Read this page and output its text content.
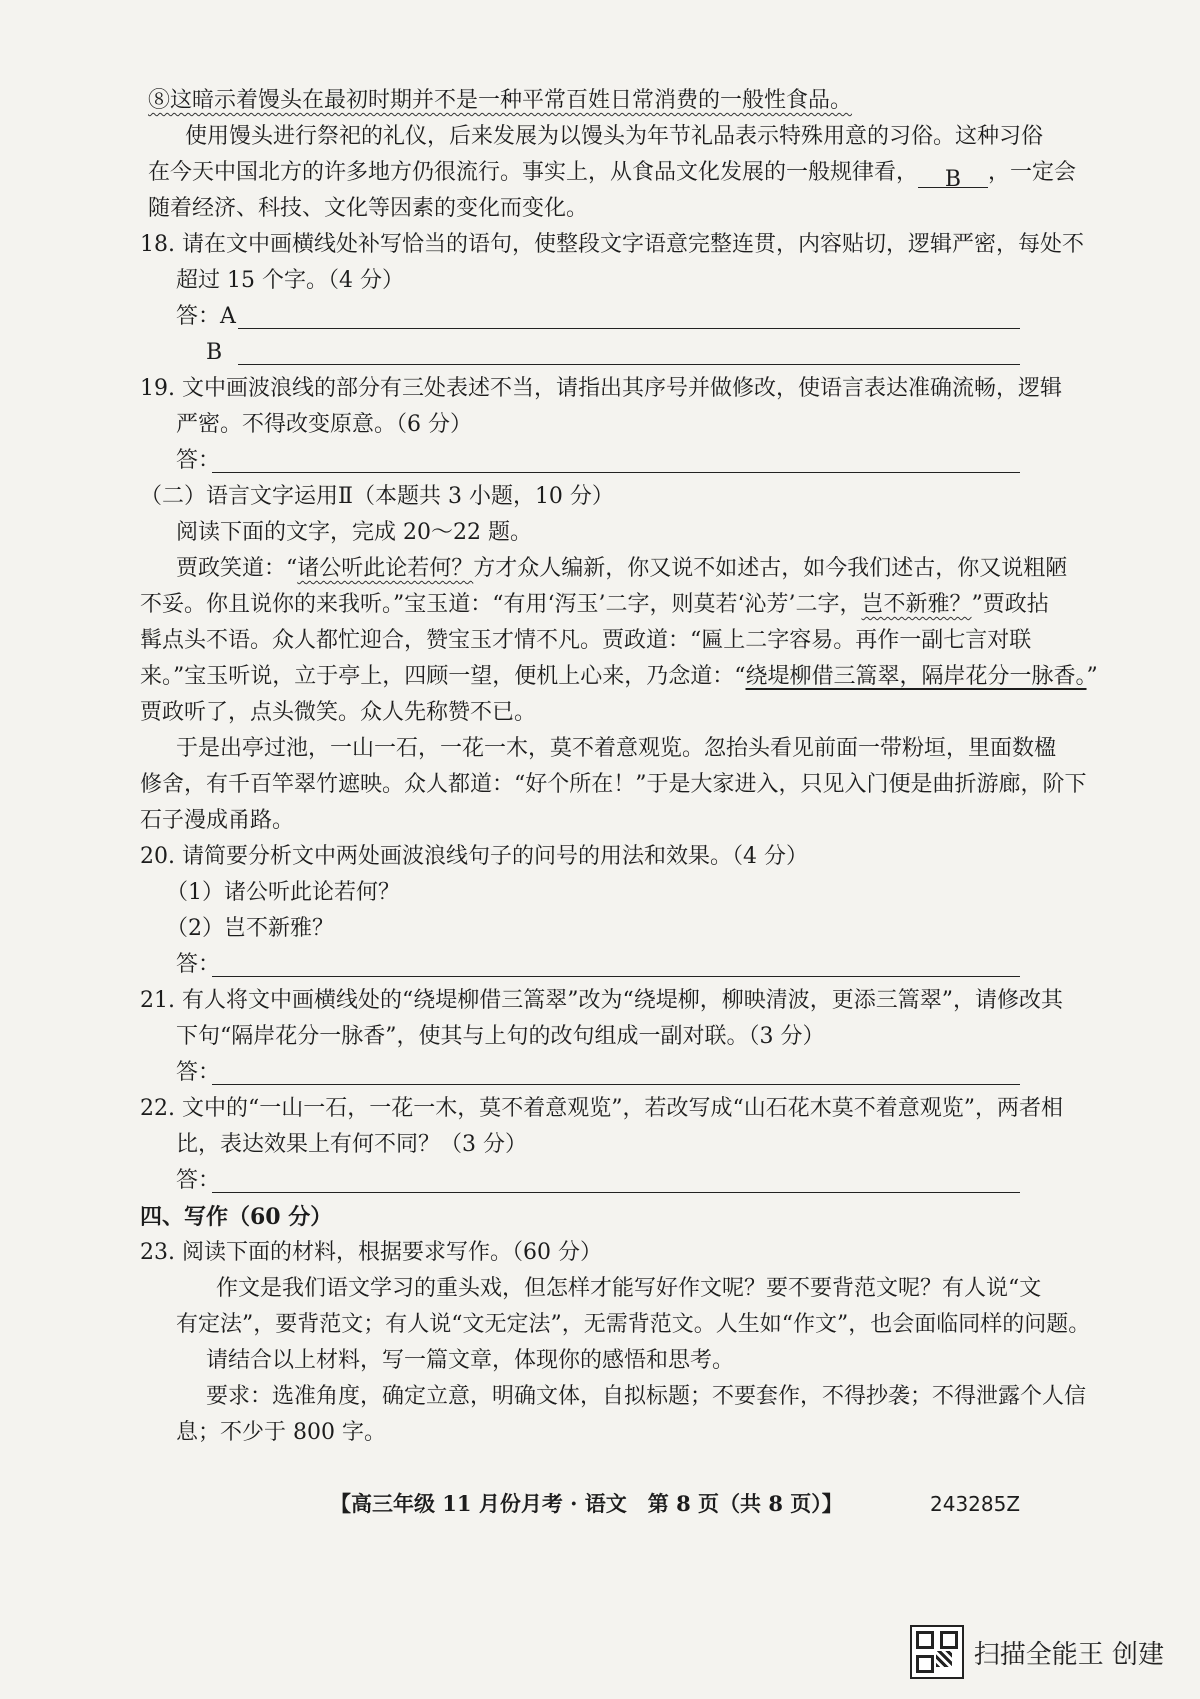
⑧这暗示着馒头在最初时期并不是一种平常百姓日常消费的一般性食品。
使用馒头进行祭祀的礼仪，后来发展为以馒头为年节礼品表示特殊用意的习俗。这种习俗
在今天中国北方的许多地方仍很流行。事实上，从食品文化发展的一般规律看， B ，一定会
随着经济、科技、文化等因素的变化而变化。
18. 请在文中画横线处补写恰当的语句，使整段文字语意完整连贯，内容贴切，逻辑严密，每处不
超过 15 个字。（4 分）
答：A
B
19. 文中画波浪线的部分有三处表述不当，请指出其序号并做修改，使语言表达准确流畅，逻辑
严密。不得改变原意。（6 分）
答：
（二）语言文字运用Ⅱ（本题共 3 小题，10 分）
阅读下面的文字，完成 20～22 题。
贾政笑道：“诸公听此论若何？方才众人编新，你又说不如述古，如今我们述古，你又说粗陋
不妥。你且说你的来我听。”宝玉道：“有用‘泻玉’二字，则莫若‘沁芳’二字，岂不新雅？”贾政拈
髯点头不语。众人都忙迎合，赞宝玉才情不凡。贾政道：“匾上二字容易。再作一副七言对联
来。”宝玉听说，立于亭上，四顾一望，便机上心来，乃念道：“绕堤柳借三篙翠，隔岸花分一脉香。”
贾政听了，点头微笑。众人先称赞不已。
于是出亭过池，一山一石，一花一木，莫不着意观览。忽抬头看见前面一带粉垣，里面数楹
修舍，有千百竿翠竹遮映。众人都道：“好个所在！”于是大家进入，只见入门便是曲折游廊，阶下
石子漫成甬路。
20. 请简要分析文中两处画波浪线句子的问号的用法和效果。（4 分）
（1）诸公听此论若何？
（2）岂不新雅？
答：
21. 有人将文中画横线处的“绕堤柳借三篙翠”改为“绕堤柳，柳映清波，更添三篙翠”，请修改其
下句“隔岸花分一脉香”，使其与上句的改句组成一副对联。（3 分）
答：
22. 文中的“一山一石，一花一木，莫不着意观览”，若改写成“山石花木莫不着意观览”，两者相
比，表达效果上有何不同？（3 分）
答：
四、写作（60 分）
23. 阅读下面的材料，根据要求写作。（60 分）
作文是我们语文学习的重头戏，但怎样才能写好作文呢？要不要背范文呢？有人说“文
有定法”，要背范文；有人说“文无定法”，无需背范文。人生如“作文”，也会面临同样的问题。
请结合以上材料，写一篇文章，体现你的感悟和思考。
要求：选准角度，确定立意，明确文体，自拟标题；不要套作，不得抄袭；不得泄露个人信
息；不少于 800 字。
【高三年级 11 月份月考 · 语文　第 8 页（共 8 页）】	243285Z
扫描全能王 创建
